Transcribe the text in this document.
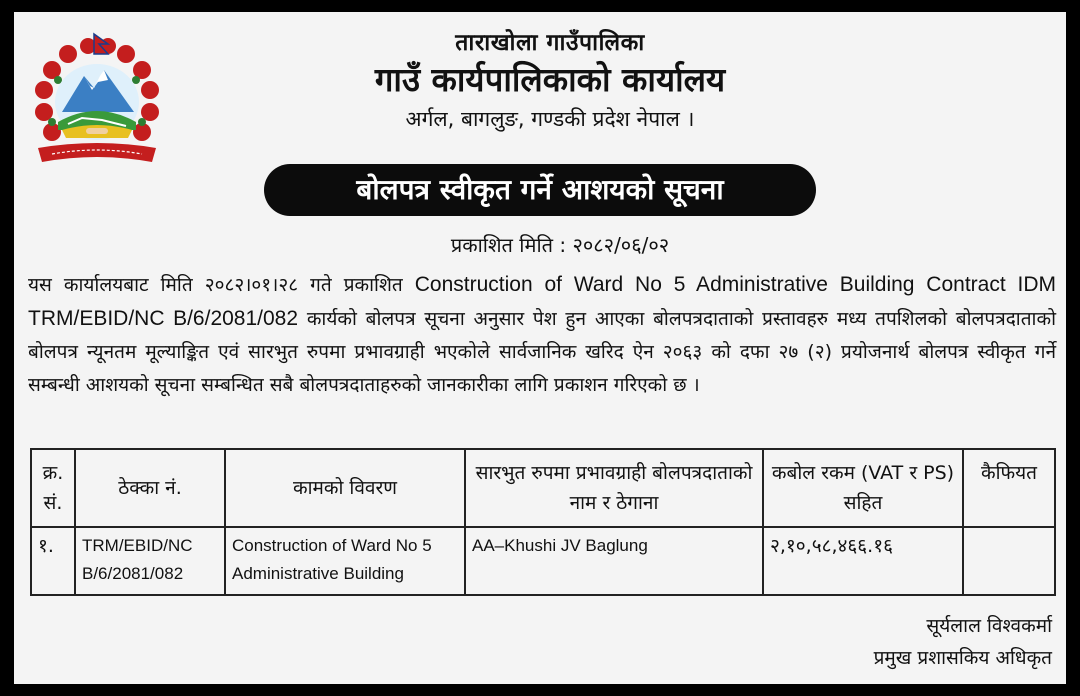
ताराखोला गाउँपालिका
गाउँ कार्यपालिकाको कार्यालय
अर्गल, बागलुङ, गण्डकी प्रदेश नेपाल ।
बोलपत्र स्वीकृत गर्ने आशयको सूचना
प्रकाशित मिति : २०८२/०६/०२

यस कार्यालयबाट मिति २०८२।०१।२८ गते प्रकाशित Construction of Ward No 5 Administrative Building Contract IDM TRM/EBID/NC B/6/2081/082 कार्यको बोलपत्र सूचना अनुसार पेश हुन आएका बोलपत्रदाताको प्रस्तावहरु मध्य तपशिलको बोलपत्रदाताको बोलपत्र न्यूनतम मूल्याङ्कित एवं सारभुत रुपमा प्रभावग्राही भएकोले सार्वजानिक खरिद ऐन २०६३ को दफा २७ (२) प्रयोजनार्थ बोलपत्र स्वीकृत गर्ने सम्बन्धी आशयको सूचना सम्बन्धित सबै बोलपत्रदाताहरुको जानकारीका लागि प्रकाशन गरिएको छ ।

क्र. सं.	ठेक्का नं.	कामको विवरण	सारभुत रुपमा प्रभावग्राही बोलपत्रदाताको नाम र ठेगाना	कबोल रकम (VAT र PS) सहित	कैफियत
१.	TRM/EBID/NC B/6/2081/082	Construction of Ward No 5 Administrative Building	AA–Khushi JV Baglung	२,१०,५८,४६६.१६	
सूर्यलाल विश्वकर्मा
प्रमुख प्रशासकिय अधिकृत
